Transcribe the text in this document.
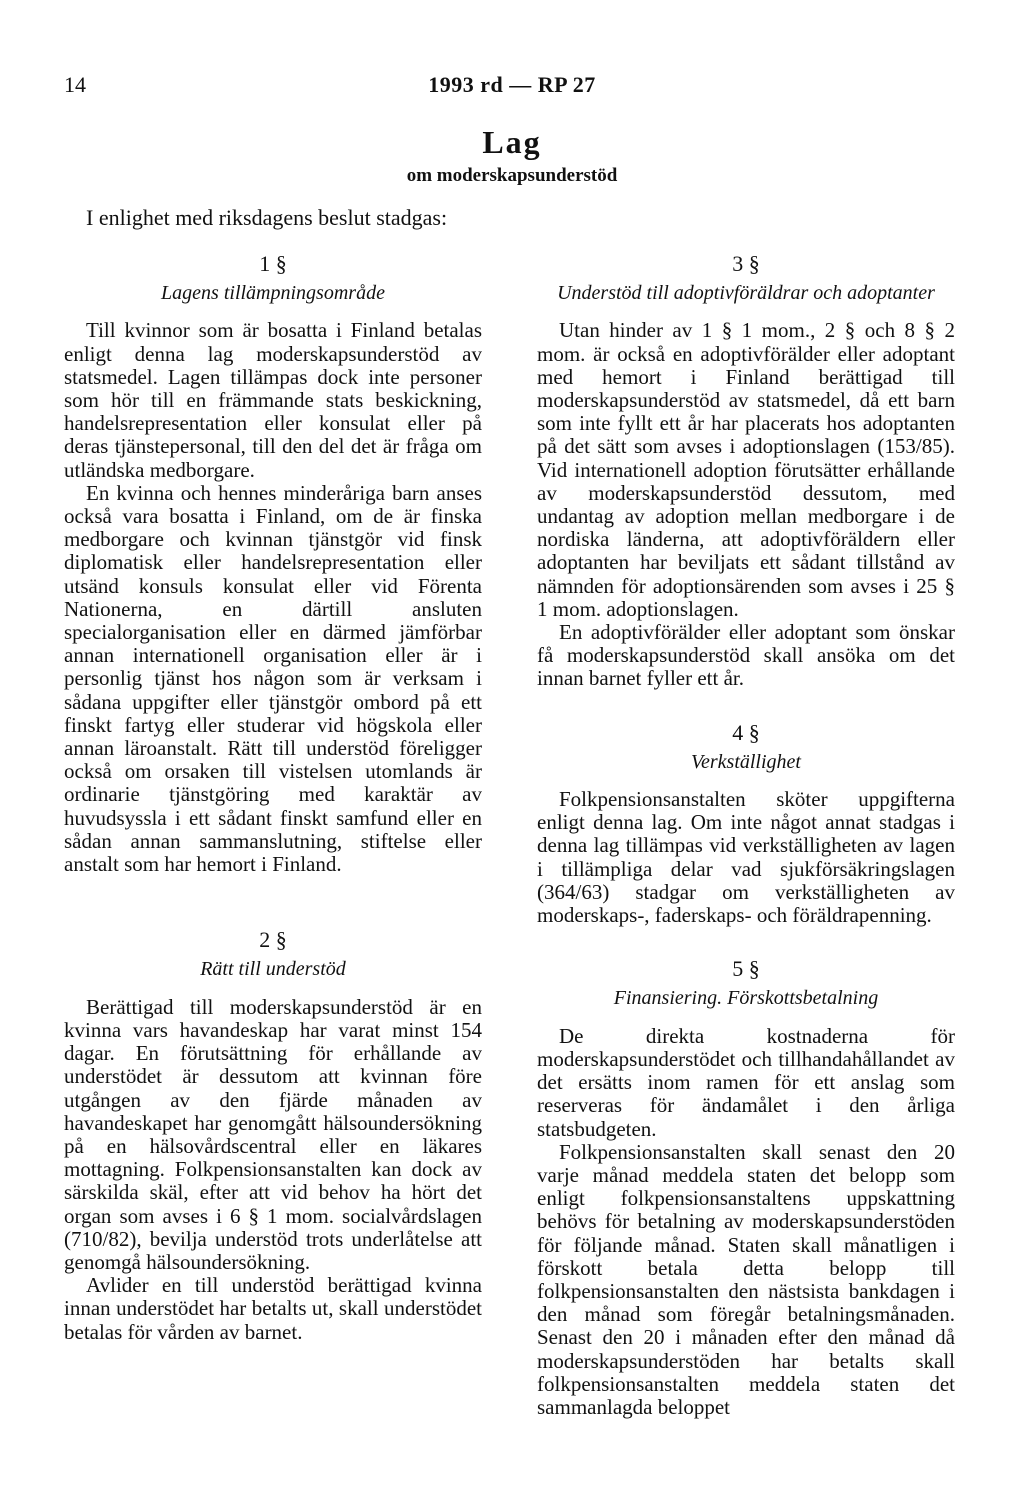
14	1993 rd — RP 27
Lag
om moderskapsunderstöd
I enlighet med riksdagens beslut stadgas:

1 §

Lagens tillämpningsområde

Till kvinnor som är bosatta i Finland betalas enligt denna lag moderskapsunderstöd av statsmedel. Lagen tillämpas dock inte personer som hör till en främmande stats beskickning, handelsrepresentation eller konsulat eller på deras tjänstepersonal, till den del det är fråga om utländska medborgare.

En kvinna och hennes minderåriga barn anses också vara bosatta i Finland, om de är finska medborgare och kvinnan tjänstgör vid finsk diplomatisk eller handelsrepresentation eller utsänd konsuls konsulat eller vid Förenta Nationerna, en därtill ansluten specialorganisation eller en därmed jämförbar annan internationell organisation eller är i personlig tjänst hos någon som är verksam i sådana uppgifter eller tjänstgör ombord på ett finskt fartyg eller studerar vid högskola eller annan läroanstalt. Rätt till understöd föreligger också om orsaken till vistelsen utomlands är ordinarie tjänstgöring med karaktär av huvudsyssla i ett sådant finskt samfund eller en sådan annan sammanslutning, stiftelse eller anstalt som har hemort i Finland.

2 §

Rätt till understöd

Berättigad till moderskapsunderstöd är en kvinna vars havandeskap har varat minst 154 dagar. En förutsättning för erhållande av understödet är dessutom att kvinnan före utgången av den fjärde månaden av havandeskapet har genomgått hälsoundersökning på en hälsovårdscentral eller en läkares mottagning. Folkpensionsanstalten kan dock av särskilda skäl, efter att vid behov ha hört det organ som avses i 6 § 1 mom. socialvårdslagen (710/82), bevilja understöd trots underlåtelse att genomgå hälsoundersökning.

Avlider en till understöd berättigad kvinna innan understödet har betalts ut, skall understödet betalas för vården av barnet.

3 §

Understöd till adoptivföräldrar och adoptanter

Utan hinder av 1 § 1 mom., 2 § och 8 § 2 mom. är också en adoptivförälder eller adoptant med hemort i Finland berättigad till moderskapsunderstöd av statsmedel, då ett barn som inte fyllt ett år har placerats hos adoptanten på det sätt som avses i adoptionslagen (153/85). Vid internationell adoption förutsätter erhållande av moderskapsunderstöd dessutom, med undantag av adoption mellan medborgare i de nordiska länderna, att adoptivföräldern eller adoptanten har beviljats ett sådant tillstånd av nämnden för adoptionsärenden som avses i 25 § 1 mom. adoptionslagen.

En adoptivförälder eller adoptant som önskar få moderskapsunderstöd skall ansöka om det innan barnet fyller ett år.

4 §

Verkställighet

Folkpensionsanstalten sköter uppgifterna enligt denna lag. Om inte något annat stadgas i denna lag tillämpas vid verkställigheten av lagen i tillämpliga delar vad sjukförsäkringslagen (364/63) stadgar om verkställigheten av moderskaps-, faderskaps- och föräldrapenning.

5 §

Finansiering. Förskottsbetalning

De direkta kostnaderna för moderskapsunderstödet och tillhandahållandet av det ersätts inom ramen för ett anslag som reserveras för ändamålet i den årliga statsbudgeten.

Folkpensionsanstalten skall senast den 20 varje månad meddela staten det belopp som enligt folkpensionsanstaltens uppskattning behövs för betalning av moderskapsunderstöden för följande månad. Staten skall månatligen i förskott betala detta belopp till folkpensionsanstalten den nästsista bankdagen i den månad som föregår betalningsmånaden. Senast den 20 i månaden efter den månad då moderskapsunderstöden har betalts skall folkpensionsanstalten meddela staten det sammanlagda beloppet
